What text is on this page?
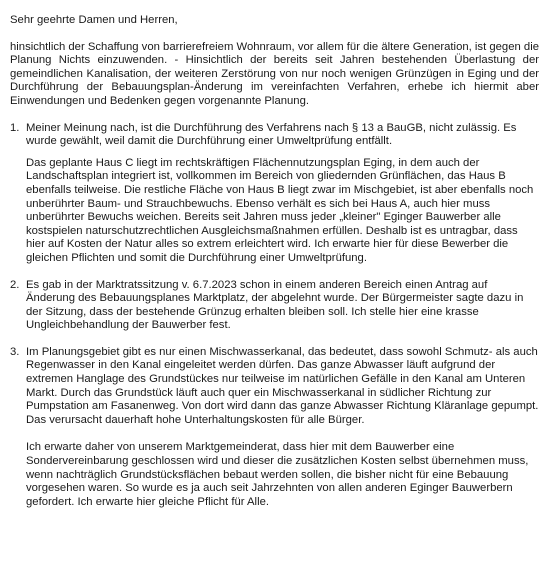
Sehr geehrte Damen und Herren,

hinsichtlich der Schaffung von barrierefreiem Wohnraum, vor allem für die ältere Generation, ist gegen die Planung Nichts einzuwenden. - Hinsichtlich der bereits seit Jahren bestehenden Überlastung der gemeindlichen Kanalisation, der weiteren Zerstörung von nur noch wenigen Grünzügen in Eging und der Durchführung der Bebauungsplan-Änderung im vereinfachten Verfahren, erhebe ich hiermit aber Einwendungen und Bedenken gegen vorgenannte Planung.

1. Meiner Meinung nach, ist die Durchführung des Verfahrens nach § 13 a BauGB, nicht zulässig. Es wurde gewählt, weil damit die Durchführung einer Umweltprüfung entfällt.

Das geplante Haus C liegt im rechtskräftigen Flächennutzungsplan Eging, in dem auch der Landschaftsplan integriert ist, vollkommen im Bereich von gliedernden Grünflächen, das Haus B ebenfalls teilweise. Die restliche Fläche von Haus B liegt zwar im Mischgebiet, ist aber ebenfalls noch unberührter Baum- und Strauchbewuchs. Ebenso verhält es sich bei Haus A, auch hier muss unberührter Bewuchs weichen. Bereits seit Jahren muss jeder „kleiner" Eginger Bauwerber alle kostspielen naturschutzrechtlichen Ausgleichsmaßnahmen erfüllen. Deshalb ist es untragbar, dass hier auf Kosten der Natur alles so extrem erleichtert wird. Ich erwarte hier für diese Bewerber die gleichen Pflichten und somit die Durchführung einer Umweltprüfung.

2. Es gab in der Marktratssitzung v. 6.7.2023 schon in einem anderen Bereich einen Antrag auf Änderung des Bebauungsplanes Marktplatz, der abgelehnt wurde. Der Bürgermeister sagte dazu in der Sitzung, dass der bestehende Grünzug erhalten bleiben soll. Ich stelle hier eine krasse Ungleichbehandlung der Bauwerber fest.
3. Im Planungsgebiet gibt es nur einen Mischwasserkanal, das bedeutet, dass sowohl Schmutz- als auch Regenwasser in den Kanal eingeleitet werden dürfen. Das ganze Abwasser läuft aufgrund der extremen Hanglage des Grundstückes nur teilweise im natürlichen Gefälle in den Kanal am Unteren Markt. Durch das Grundstück läuft auch quer ein Mischwasserkanal in südlicher Richtung zur Pumpstation am Fasanenweg. Von dort wird dann das ganze Abwasser Richtung Kläranlage gepumpt. Das verursacht dauerhaft hohe Unterhaltungskosten für alle Bürger.

Ich erwarte daher von unserem Marktgemeinderat, dass hier mit dem Bauwerber eine Sondervereinbarung geschlossen wird und dieser die zusätzlichen Kosten selbst übernehmen muss, wenn nachträglich Grundstücksflächen bebaut werden sollen, die bisher nicht für eine Bebauung vorgesehen waren. So wurde es ja auch seit Jahrzehnten von allen anderen Eginger Bauwerbern gefordert. Ich erwarte hier gleiche Pflicht für Alle.
